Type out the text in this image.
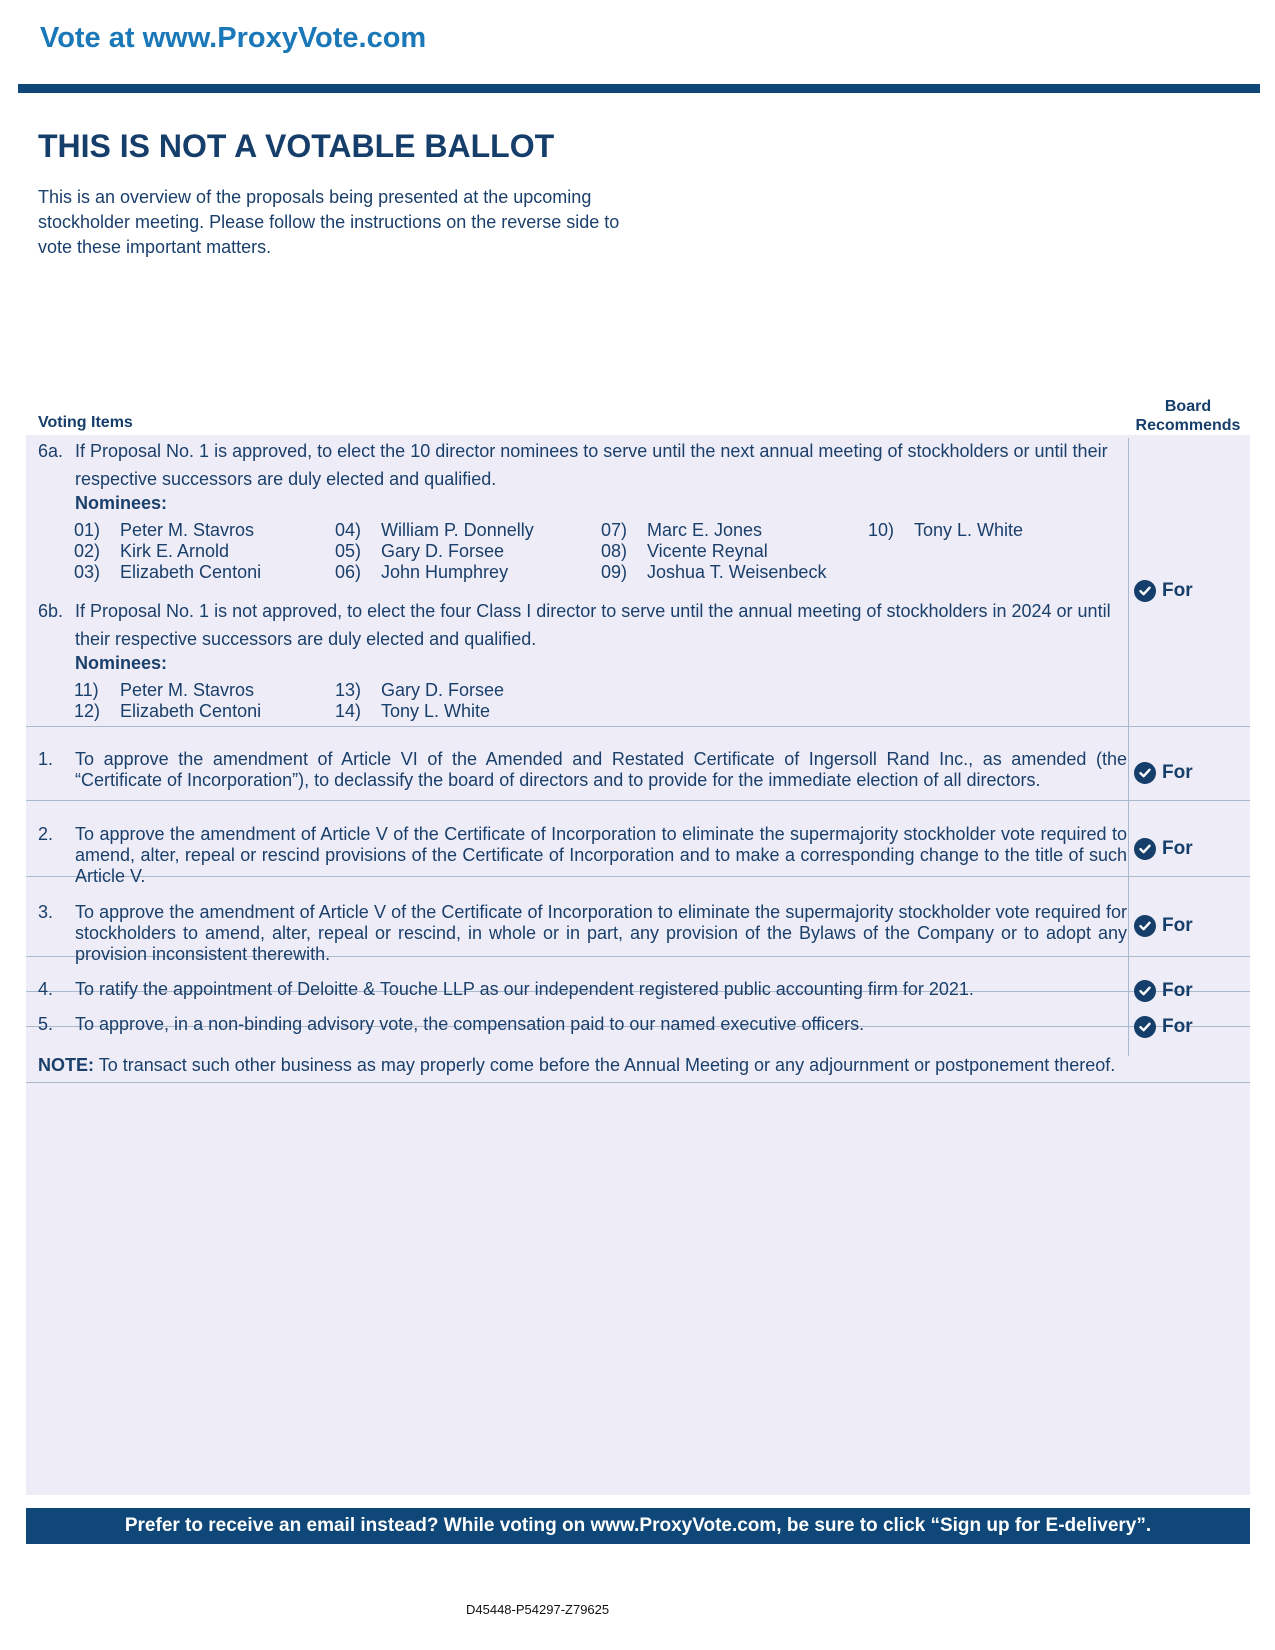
Vote at www.ProxyVote.com
THIS IS NOT A VOTABLE BALLOT
This is an overview of the proposals being presented at the upcoming stockholder meeting. Please follow the instructions on the reverse side to vote these important matters.
Voting Items
Board
Recommends
6a. If Proposal No. 1 is approved, to elect the 10 director nominees to serve until the next annual meeting of stockholders or until their respective successors are duly elected and qualified.
Nominees:
01) Peter M. Stavros
02) Kirk E. Arnold
03) Elizabeth Centoni
04) William P. Donnelly
05) Gary D. Forsee
06) John Humphrey
07) Marc E. Jones
08) Vicente Reynal
09) Joshua T. Weisenbeck
10) Tony L. White
6b. If Proposal No. 1 is not approved, to elect the four Class I director to serve until the annual meeting of stockholders in 2024 or until their respective successors are duly elected and qualified.
Nominees:
11) Peter M. Stavros
12) Elizabeth Centoni
13) Gary D. Forsee
14) Tony L. White
For
1. To approve the amendment of Article VI of the Amended and Restated Certificate of Ingersoll Rand Inc., as amended (the “Certificate of Incorporation”), to declassify the board of directors and to provide for the immediate election of all directors.	For
2. To approve the amendment of Article V of the Certificate of Incorporation to eliminate the supermajority stockholder vote required to amend, alter, repeal or rescind provisions of the Certificate of Incorporation and to make a corresponding change to the title of such Article V.
For
3. To approve the amendment of Article V of the Certificate of Incorporation to eliminate the supermajority stockholder vote required for stockholders to amend, alter, repeal or rescind, in whole or in part, any provision of the Bylaws of the Company or to adopt any provision inconsistent therewith.
For
4. To ratify the appointment of Deloitte & Touche LLP as our independent registered public accounting firm for 2021.	For
5. To approve, in a non-binding advisory vote, the compensation paid to our named executive officers.	For
NOTE: To transact such other business as may properly come before the Annual Meeting or any adjournment or postponement thereof.
Prefer to receive an email instead? While voting on www.ProxyVote.com, be sure to click “Sign up for E-delivery”.
D45448-P54297-Z79625
